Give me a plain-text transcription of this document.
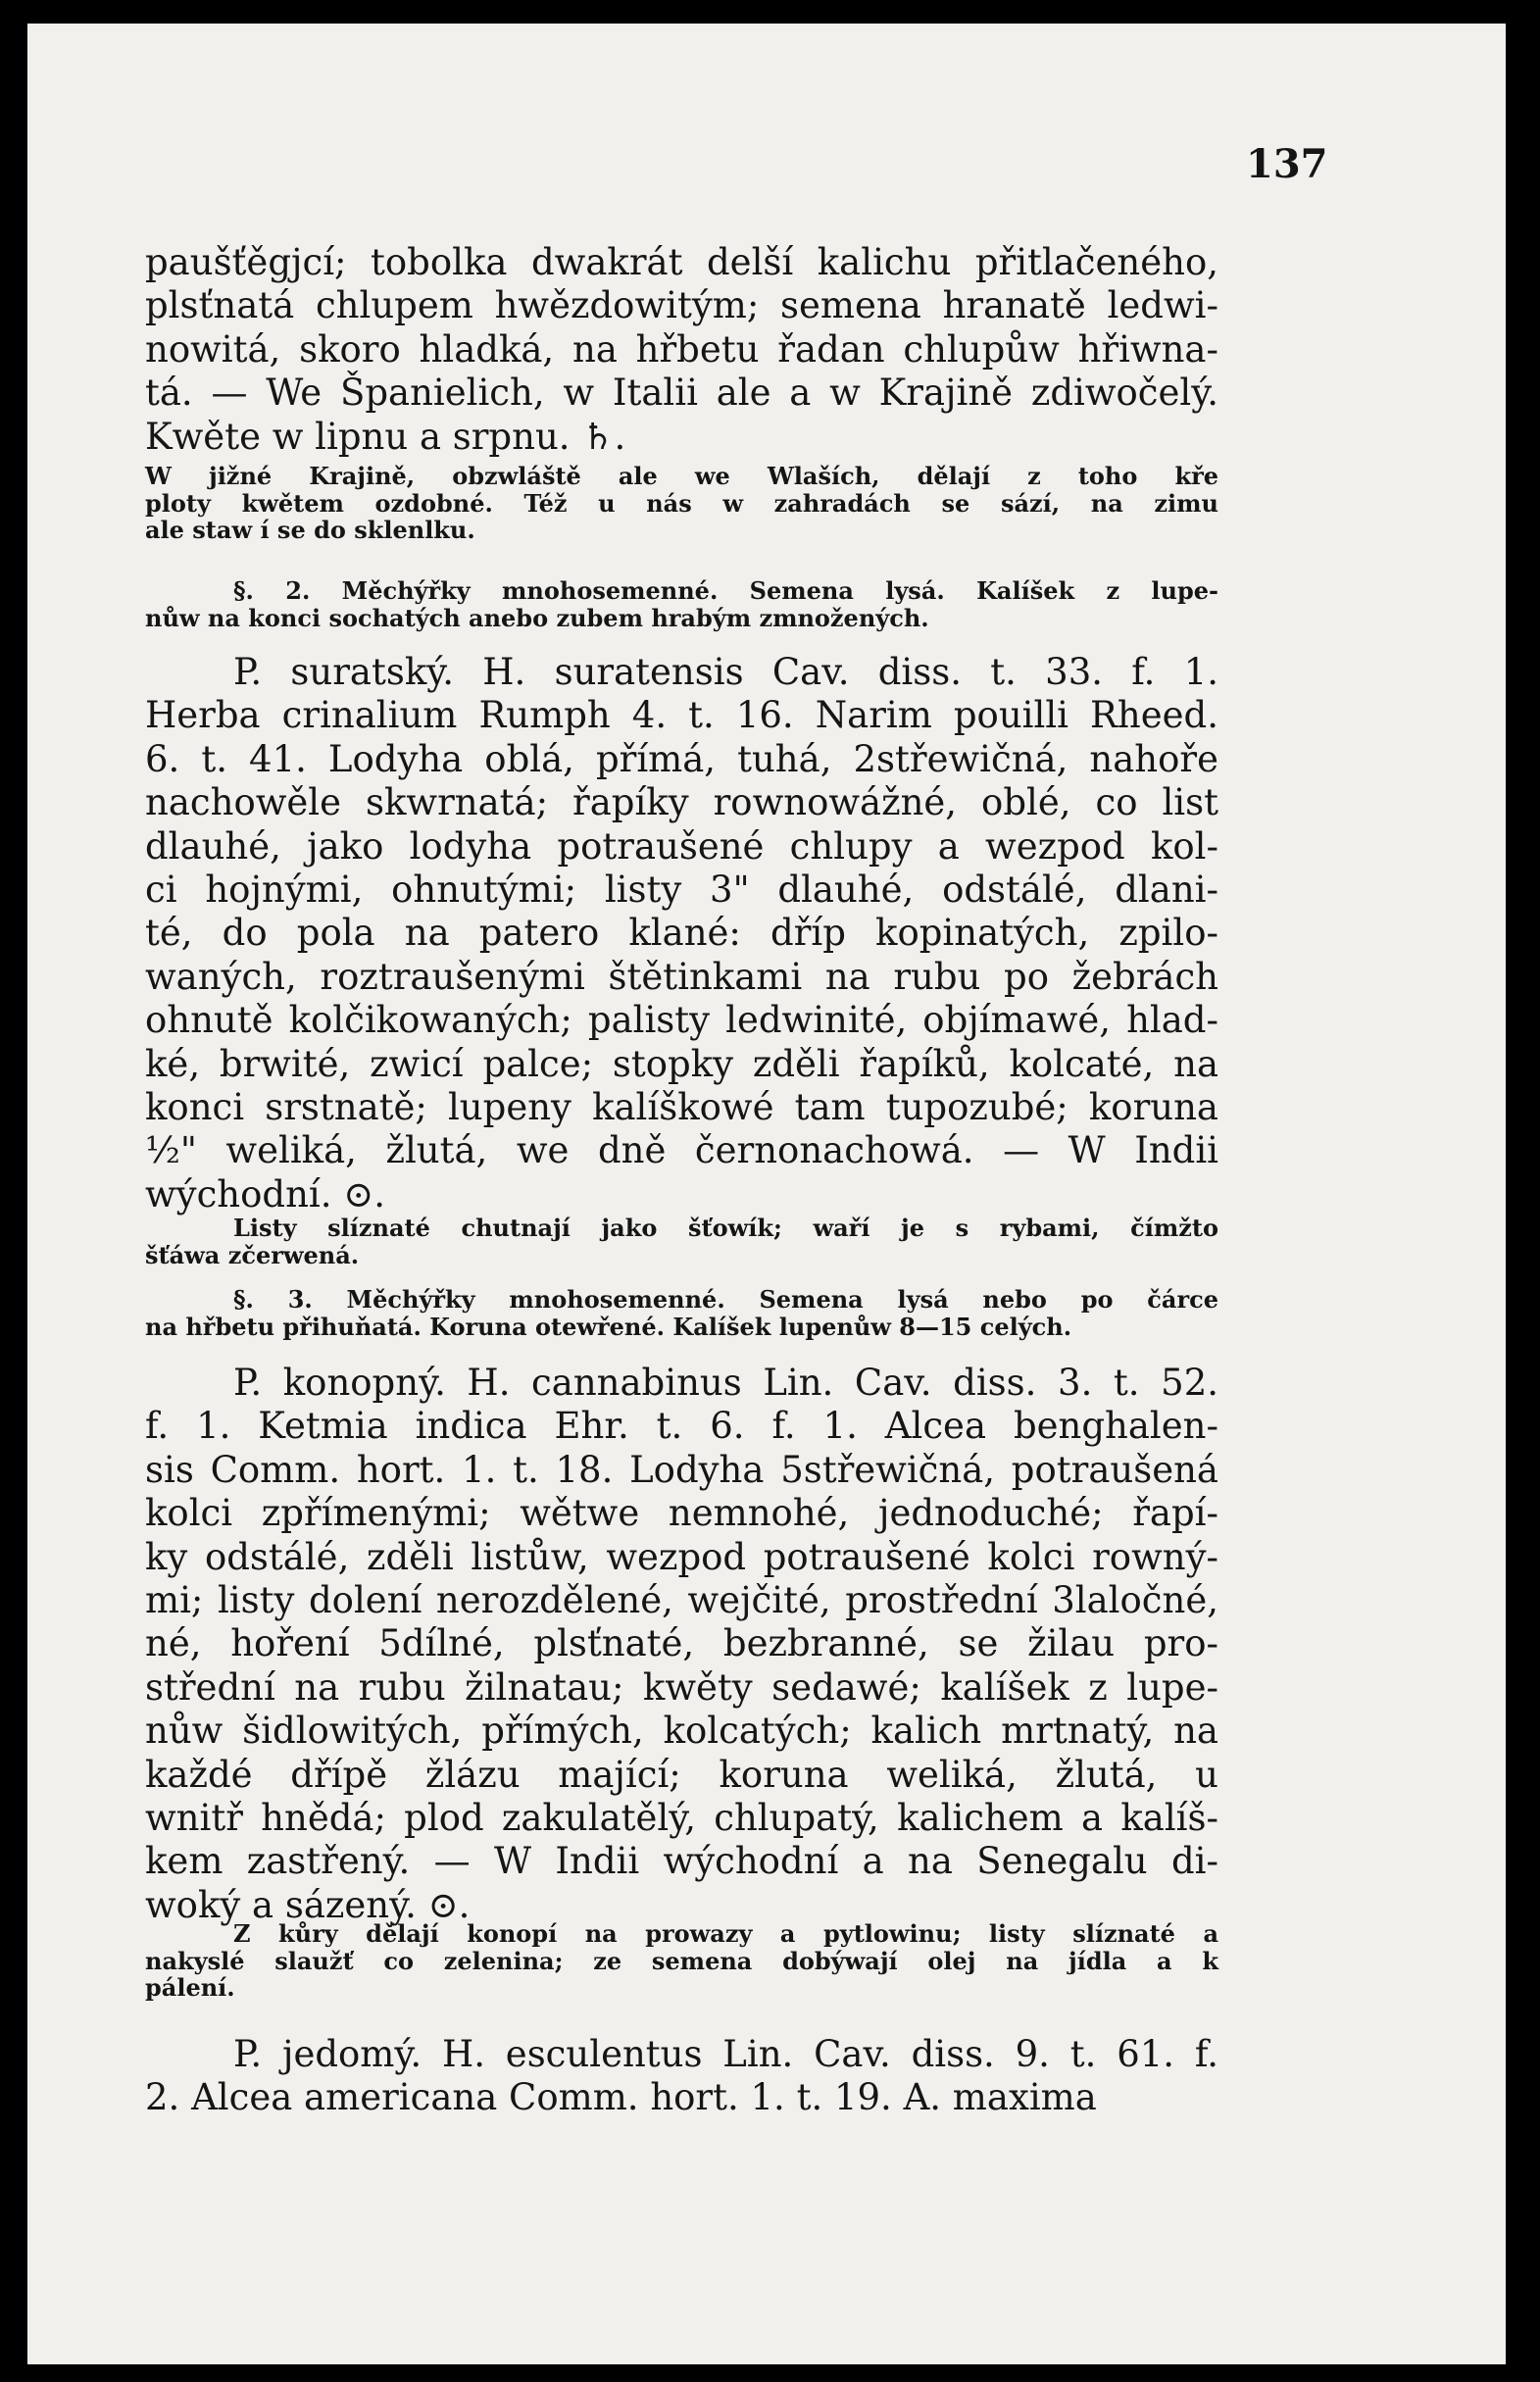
137

paušťěgjcí; tobolka dwakrát delší kalichu přitlačeného,

plsťnatá chlupem hwězdowitým; semena hranatě ledwi-

nowitá, skoro hladká, na hřbetu řadan chlupůw hřiwna-

tá. — We Španielich, w Italii ale a w Krajině zdiwočelý.

Kwěte w lipnu a srpnu. ♄.

W jižné Krajině, obzwláště ale we Wlaších, dělají z toho kře

ploty kwětem ozdobné. Též u nás w zahradách se sází, na zimu

ale staw í se do sklenlku.

§. 2. Měchýřky mnohosemenné. Semena lysá. Kalíšek z lupe-

nůw na konci sochatých anebo zubem hrabým zmnožených.

P. suratský. H. suratensis Cav. diss. t. 33. f. 1.

Herba crinalium Rumph 4. t. 16. Narim pouilli Rheed.

6. t. 41. Lodyha oblá, přímá, tuhá, 2střewičná, nahoře

nachowěle skwrnatá; řapíky rownowážné, oblé, co list

dlauhé, jako lodyha potraušené chlupy a wezpod kol-

ci hojnými, ohnutými; listy 3" dlauhé, odstálé, dlani-

té, do pola na patero klané: dříp kopinatých, zpilo-

waných, roztraušenými štětinkami na rubu po žebrách

ohnutě kolčikowaných; palisty ledwinité, objímawé, hlad-

ké, brwité, zwicí palce; stopky zděli řapíků, kolcaté, na

konci srstnatě; lupeny kalíškowé tam tupozubé; koruna

½" weliká, žlutá, we dně černonachowá. — W Indii

wýchodní. ⊙.

Listy slíznaté chutnají jako šťowík; waří je s rybami, čímžto

šťáwa zčerwená.

§. 3. Měchýřky mnohosemenné. Semena lysá nebo po čárce

na hřbetu přihuňatá. Koruna otewřené. Kalíšek lupenůw 8—15 celých.

P. konopný. H. cannabinus Lin. Cav. diss. 3. t. 52.

f. 1. Ketmia indica Ehr. t. 6. f. 1. Alcea benghalen-

sis Comm. hort. 1. t. 18. Lodyha 5střewičná, potraušená

kolci zpřímenými; wětwe nemnohé, jednoduché; řapí-

ky odstálé, zděli listůw, wezpod potraušené kolci rowný-

mi; listy dolení nerozdělené, wejčité, prostřední 3laločné,

né, hoření 5dílné, plsťnaté, bezbranné, se žilau pro-

střední na rubu žilnatau; kwěty sedawé; kalíšek z lupe-

nůw šidlowitých, přímých, kolcatých; kalich mrtnatý, na

každé dřípě žlázu mající; koruna weliká, žlutá, u

wnitř hnědá; plod zakulatělý, chlupatý, kalichem a kalíš-

kem zastřený. — W Indii wýchodní a na Senegalu di-

woký a sázený. ⊙.

Z kůry dělají konopí na prowazy a pytlowinu; listy slíznaté a

nakyslé slaužť co zelenina; ze semena dobýwají olej na jídla a k

pálení.

P. jedomý. H. esculentus Lin. Cav. diss. 9. t. 61. f.

2. Alcea americana Comm. hort. 1. t. 19. A. maxima
